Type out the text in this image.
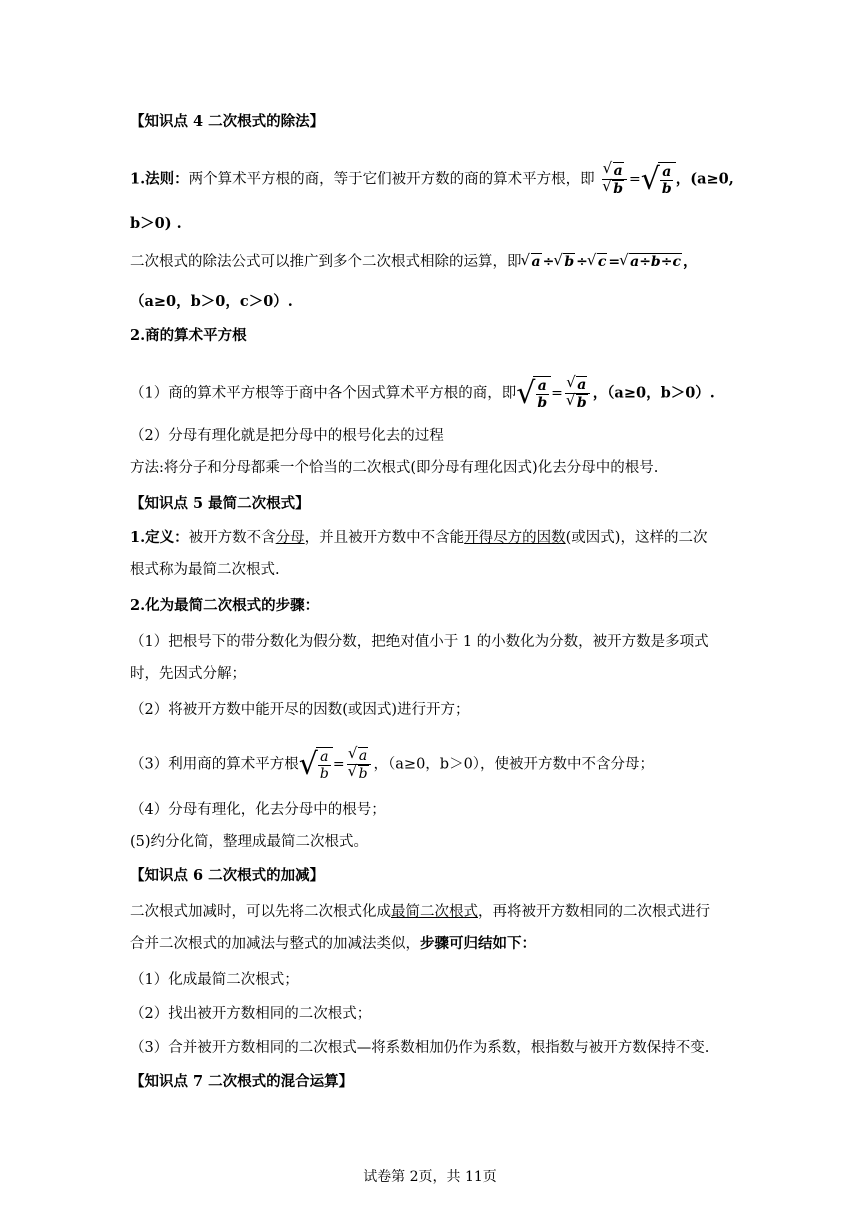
【知识点 4 二次根式的除法】
1.法则：两个算术平方根的商，等于它们被开方数的商的算术平方根，即 √ a
√ b = √ $\frac{a}{b}$ ，(a≥0,
b＞0) .
二次根式的除法公式可以推广到多个二次根式相除的运算，即 √ a ÷ √ b ÷ √ c = √ a÷b÷c ，
（a≥0，b＞0，c＞0）.
2.商的算术平方根
（1）商的算术平方根等于商中各个因式算术平方根的商，即 √ $\frac{a}{b}$ = √ a
√ b ，（a≥0，b＞0）.
（2）分母有理化就是把分母中的根号化去的过程
方法:将分子和分母都乘一个恰当的二次根式(即分母有理化因式)化去分母中的根号.
【知识点 5 最简二次根式】
1.定义：被开方数不含分母，并且被开方数中不含能开得尽方的因数(或因式)，这样的二次
根式称为最简二次根式.
2.化为最简二次根式的步骤：
（1）把根号下的带分数化为假分数，把绝对值小于 1 的小数化为分数，被开方数是多项式
时，先因式分解；
（2）将被开方数中能开尽的因数(或因式)进行开方；
（3）利用商的算术平方根 √ $\frac{a}{b}$ = √ a
√ b ，（a≥0，b＞0），使被开方数中不含分母；
（4）分母有理化，化去分母中的根号；
(5)约分化简，整理成最简二次根式。
【知识点 6 二次根式的加减】
二次根式加减时，可以先将二次根式化成最简二次根式，再将被开方数相同的二次根式进行
合并二次根式的加减法与整式的加减法类似，步骤可归结如下：
（1）化成最简二次根式；
（2）找出被开方数相同的二次根式；
（3）合并被开方数相同的二次根式—将系数相加仍作为系数，根指数与被开方数保持不变.
【知识点 7 二次根式的混合运算】
试卷第 2页，共 11页
